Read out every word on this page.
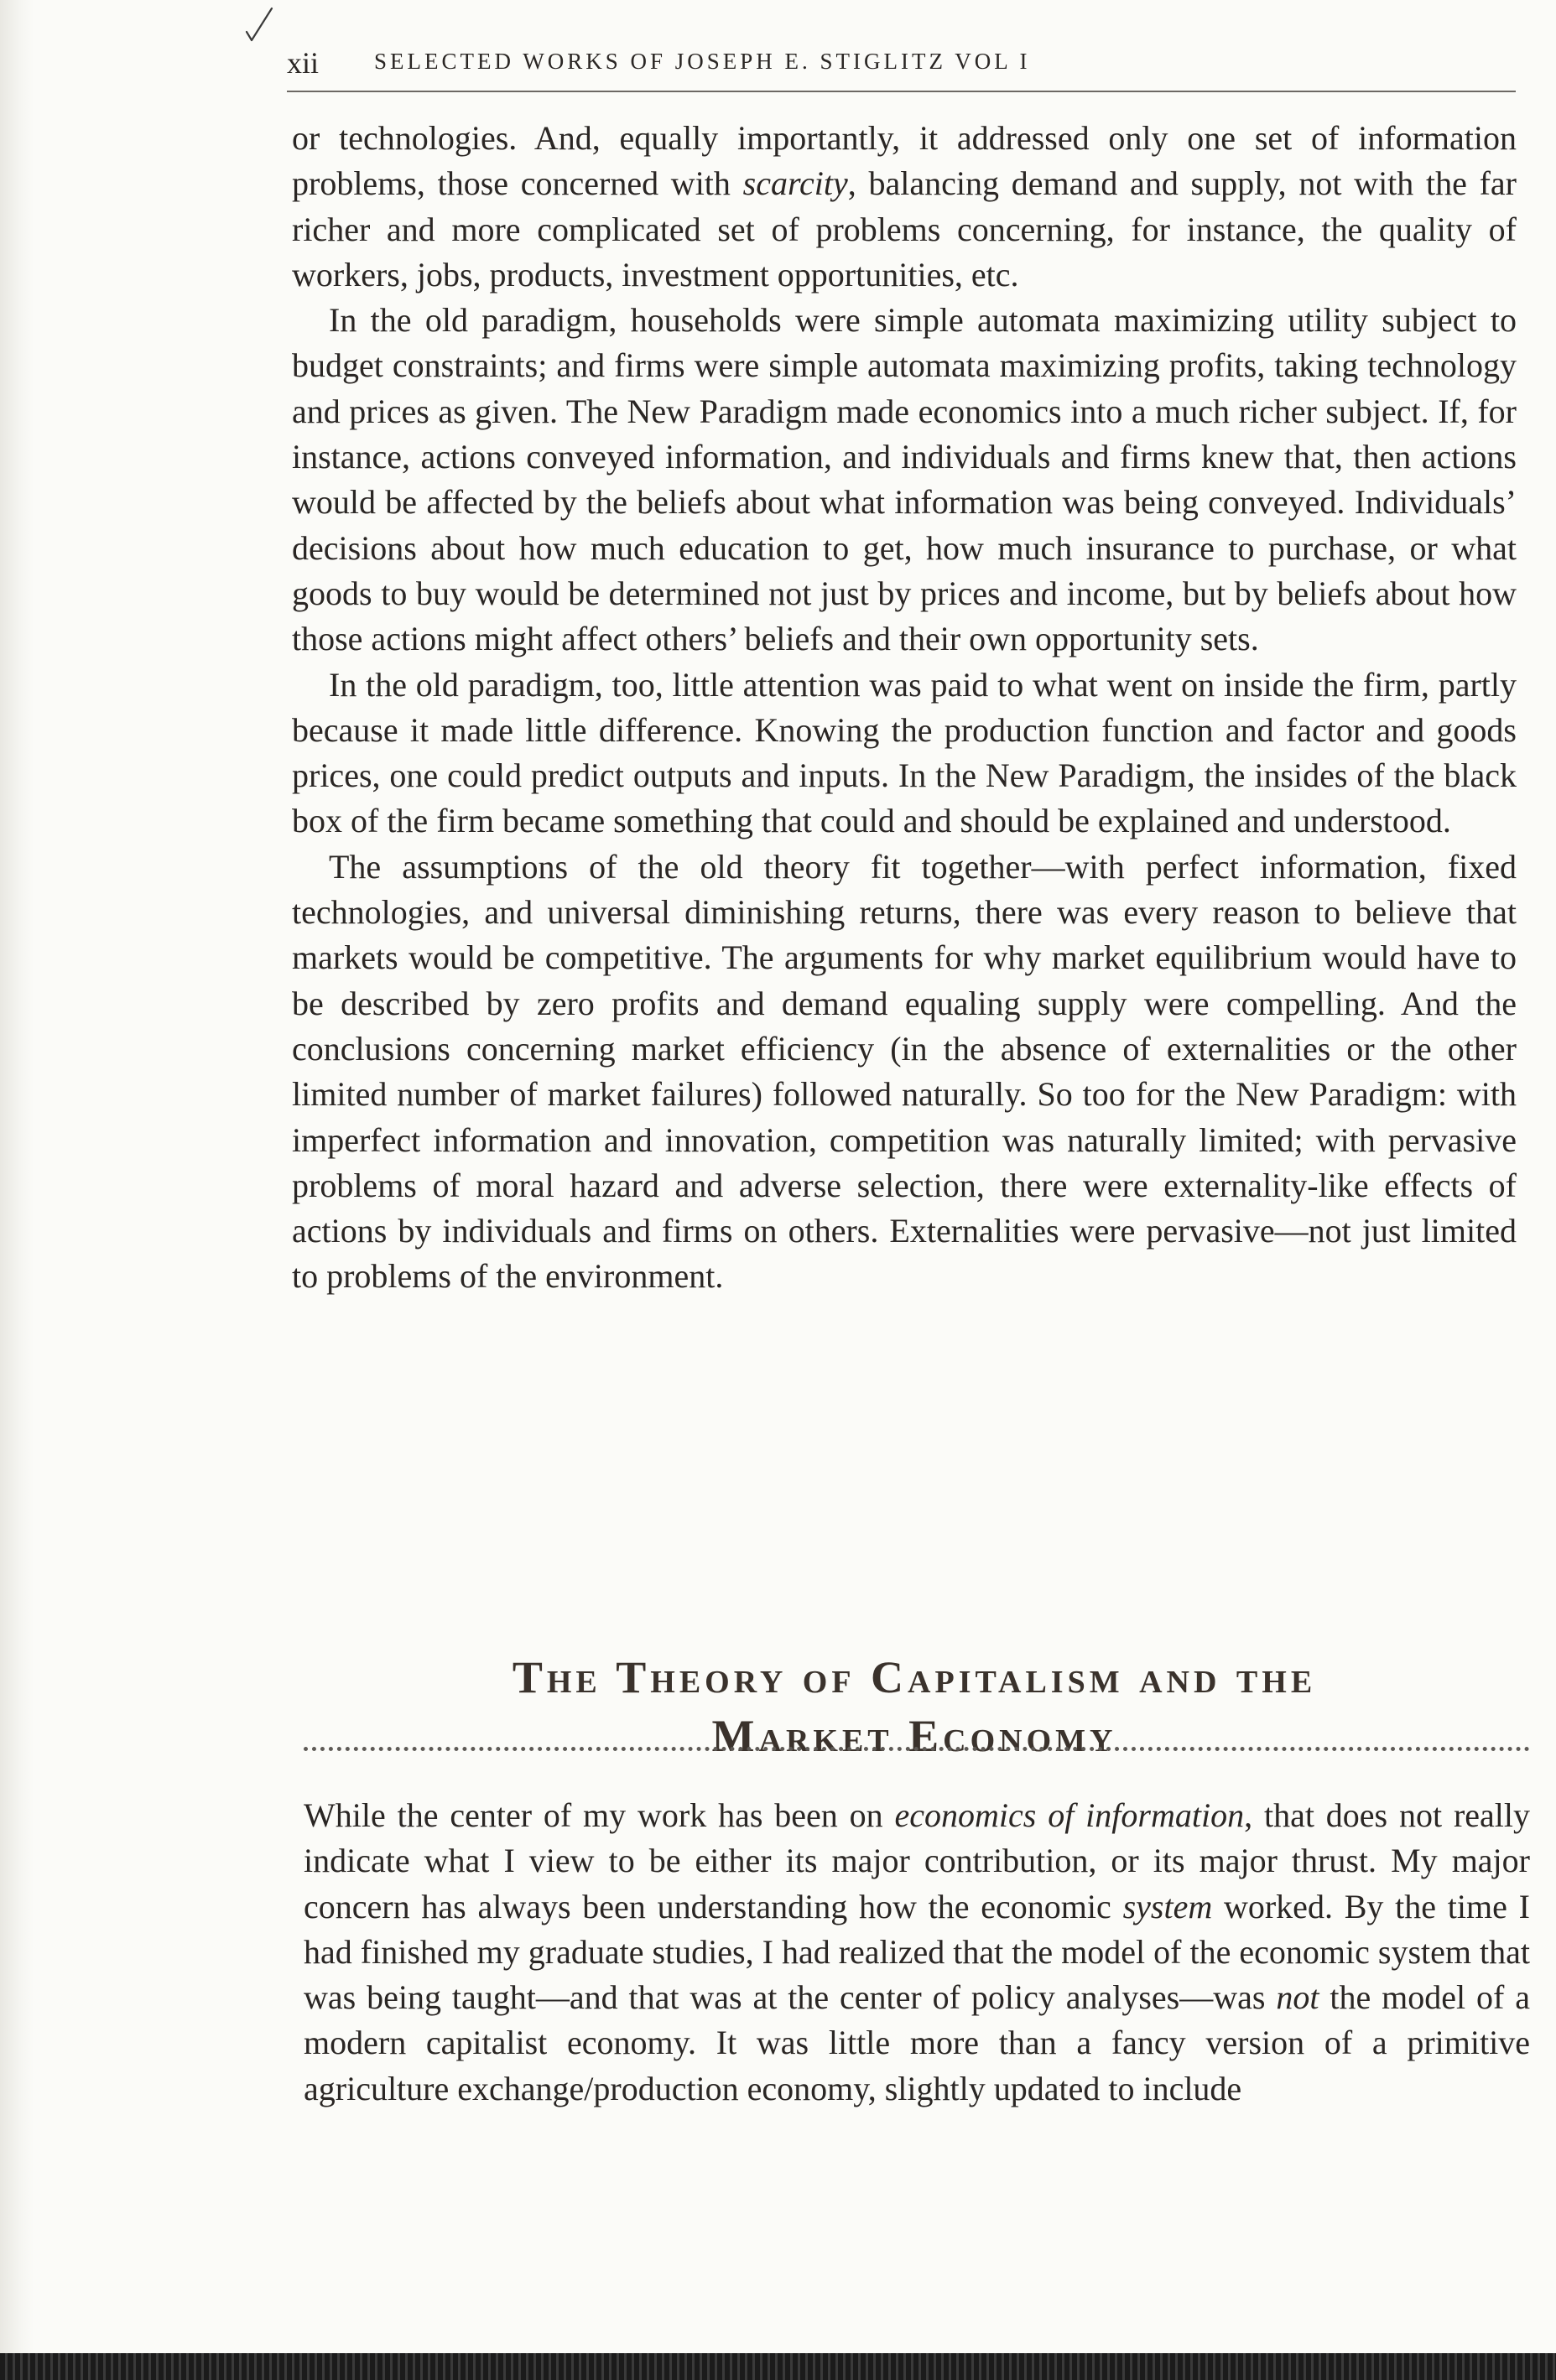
xii SELECTED WORKS OF JOSEPH E. STIGLITZ VOL I

or technologies. And, equally importantly, it addressed only one set of information problems, those concerned with scarcity, balancing demand and supply, not with the far richer and more complicated set of problems concerning, for instance, the quality of workers, jobs, products, investment opportunities, etc.

In the old paradigm, households were simple automata maximizing utility subject to budget constraints; and firms were simple automata maximizing profits, taking technology and prices as given. The New Paradigm made economics into a much richer subject. If, for instance, actions conveyed information, and individuals and firms knew that, then actions would be affected by the beliefs about what information was being conveyed. Individuals’ decisions about how much education to get, how much insurance to purchase, or what goods to buy would be determined not just by prices and income, but by beliefs about how those actions might affect others’ beliefs and their own opportunity sets.

In the old paradigm, too, little attention was paid to what went on inside the firm, partly because it made little difference. Knowing the production function and factor and goods prices, one could predict outputs and inputs. In the New Paradigm, the insides of the black box of the firm became something that could and should be explained and understood.

The assumptions of the old theory fit together—with perfect information, fixed technologies, and universal diminishing returns, there was every reason to believe that markets would be competitive. The arguments for why market equilibrium would have to be described by zero profits and demand equaling supply were compelling. And the conclusions concerning market efficiency (in the absence of externalities or the other limited number of market failures) followed naturally. So too for the New Paradigm: with imperfect information and innovation, competition was naturally limited; with pervasive problems of moral hazard and adverse selection, there were externality-like effects of actions by individuals and firms on others. Externalities were pervasive—not just limited to problems of the environment.

The Theory of Capitalism and the
Market Economy

While the center of my work has been on economics of information, that does not really indicate what I view to be either its major contribution, or its major thrust. My major concern has always been understanding how the economic system worked. By the time I had finished my graduate studies, I had realized that the model of the economic system that was being taught—and that was at the center of policy analyses—was not the model of a modern capitalist economy. It was little more than a fancy version of a primitive agriculture exchange/production economy, slightly updated to include
